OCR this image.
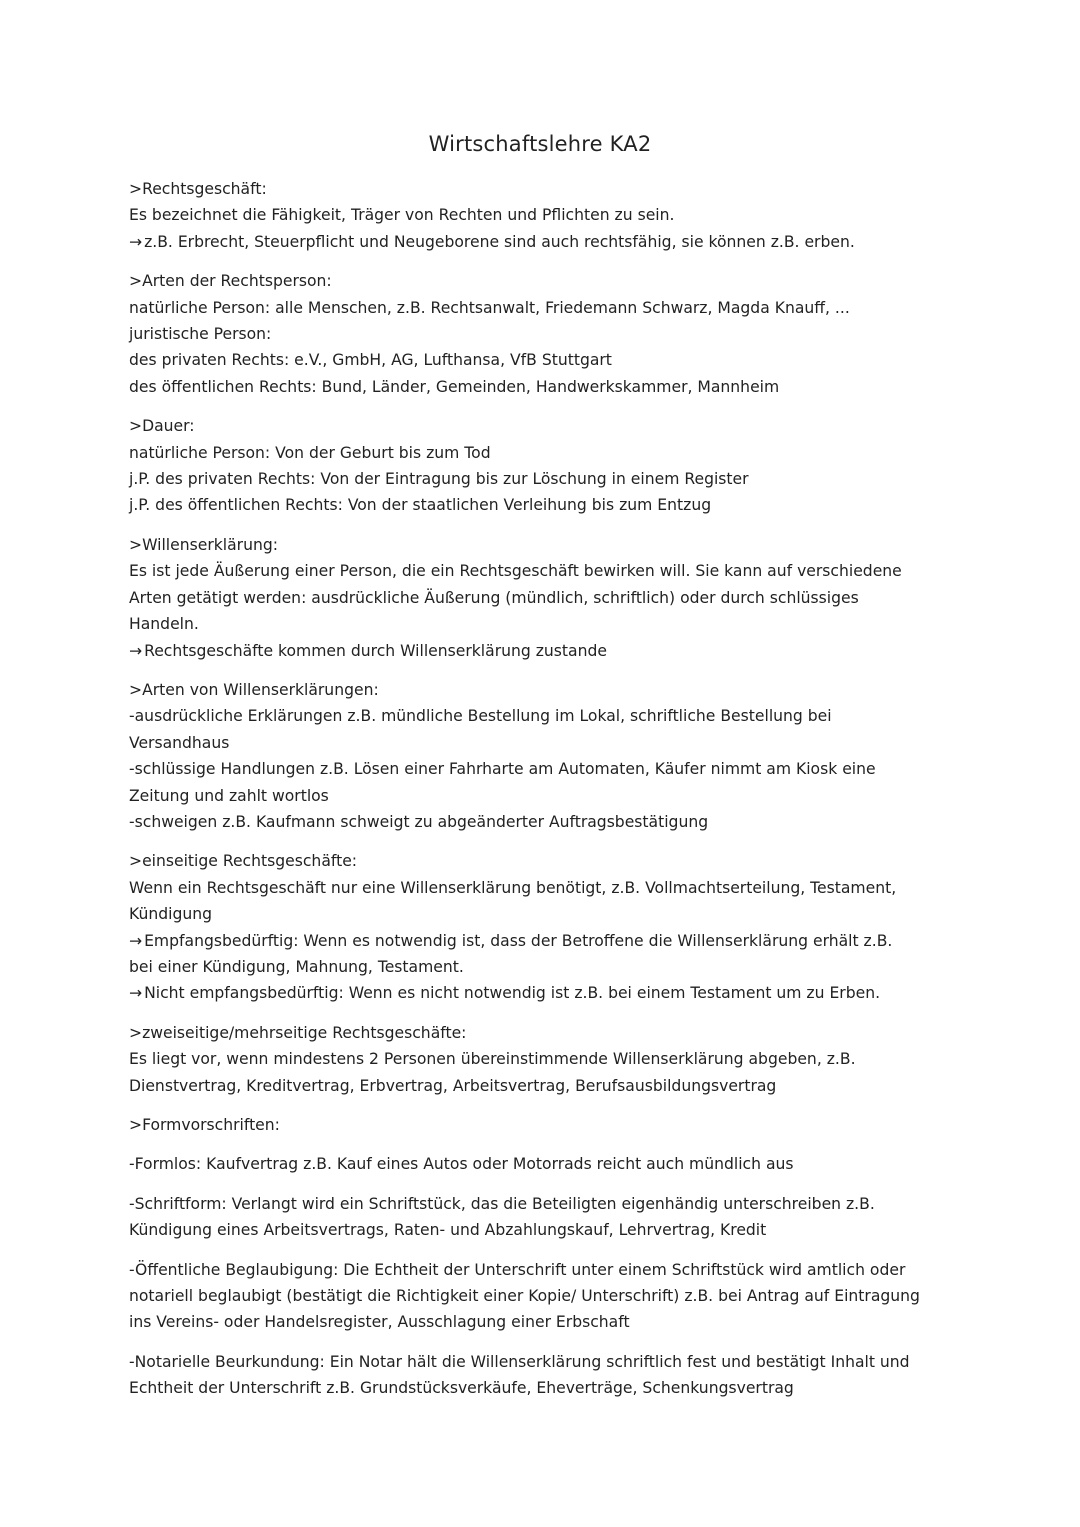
Wirtschaftslehre KA2
>Rechtsgeschäft:
Es bezeichnet die Fähigkeit, Träger von Rechten und Pflichten zu sein.
→ z.B. Erbrecht, Steuerpflicht und Neugeborene sind auch rechtsfähig, sie können z.B. erben.
>Arten der Rechtsperson:
natürliche Person: alle Menschen, z.B. Rechtsanwalt, Friedemann Schwarz, Magda Knauff, ...
juristische Person:
des privaten Rechts: e.V., GmbH, AG, Lufthansa, VfB Stuttgart
des öffentlichen Rechts: Bund, Länder, Gemeinden, Handwerkskammer, Mannheim
>Dauer:
natürliche Person: Von der Geburt bis zum Tod
j.P. des privaten Rechts: Von der Eintragung bis zur Löschung in einem Register
j.P. des öffentlichen Rechts: Von der staatlichen Verleihung bis zum Entzug
>Willenserklärung:
Es ist jede Äußerung einer Person, die ein Rechtsgeschäft bewirken will. Sie kann auf verschiedene
Arten getätigt werden: ausdrückliche Äußerung (mündlich, schriftlich) oder durch schlüssiges
Handeln.
→ Rechtsgeschäfte kommen durch Willenserklärung zustande
>Arten von Willenserklärungen:
-ausdrückliche Erklärungen z.B. mündliche Bestellung im Lokal, schriftliche Bestellung bei
Versandhaus
-schlüssige Handlungen z.B. Lösen einer Fahrharte am Automaten, Käufer nimmt am Kiosk eine
Zeitung und zahlt wortlos
-schweigen z.B. Kaufmann schweigt zu abgeänderter Auftragsbestätigung
>einseitige Rechtsgeschäfte:
Wenn ein Rechtsgeschäft nur eine Willenserklärung benötigt, z.B. Vollmachtserteilung, Testament,
Kündigung
→ Empfangsbedürftig: Wenn es notwendig ist, dass der Betroffene die Willenserklärung erhält z.B.
bei einer Kündigung, Mahnung, Testament.
→ Nicht empfangsbedürftig: Wenn es nicht notwendig ist z.B. bei einem Testament um zu Erben.
>zweiseitige/mehrseitige Rechtsgeschäfte:
Es liegt vor, wenn mindestens 2 Personen übereinstimmende Willenserklärung abgeben, z.B.
Dienstvertrag, Kreditvertrag, Erbvertrag, Arbeitsvertrag, Berufsausbildungsvertrag
>Formvorschriften:
-Formlos: Kaufvertrag z.B. Kauf eines Autos oder Motorrads reicht auch mündlich aus
-Schriftform: Verlangt wird ein Schriftstück, das die Beteiligten eigenhändig unterschreiben z.B.
Kündigung eines Arbeitsvertrags, Raten- und Abzahlungskauf, Lehrvertrag, Kredit
-Öffentliche Beglaubigung: Die Echtheit der Unterschrift unter einem Schriftstück wird amtlich oder
notariell beglaubigt (bestätigt die Richtigkeit einer Kopie/ Unterschrift) z.B. bei Antrag auf Eintragung
ins Vereins- oder Handelsregister, Ausschlagung einer Erbschaft
-Notarielle Beurkundung: Ein Notar hält die Willenserklärung schriftlich fest und bestätigt Inhalt und
Echtheit der Unterschrift z.B. Grundstücksverkäufe, Eheverträge, Schenkungsvertrag
